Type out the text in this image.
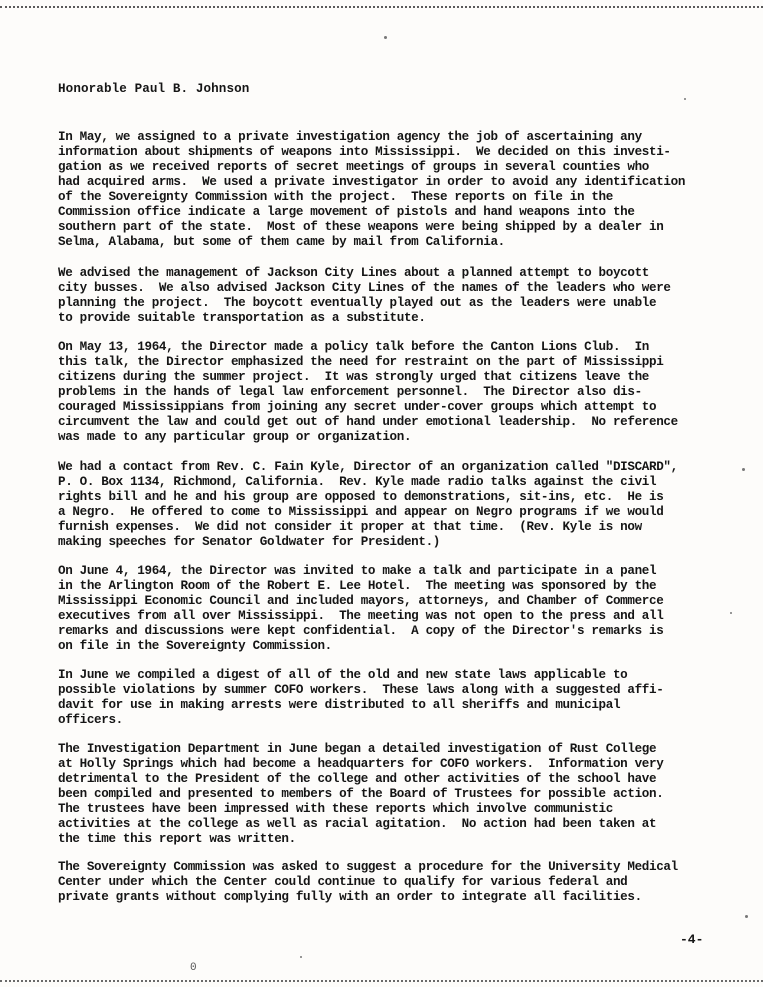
Honorable Paul B. Johnson
In May, we assigned to a private investigation agency the job of ascertaining any
information about shipments of weapons into Mississippi.  We decided on this investi-
gation as we received reports of secret meetings of groups in several counties who
had acquired arms.  We used a private investigator in order to avoid any identification
of the Sovereignty Commission with the project.  These reports on file in the
Commission office indicate a large movement of pistols and hand weapons into the
southern part of the state.  Most of these weapons were being shipped by a dealer in
Selma, Alabama, but some of them came by mail from California.
We advised the management of Jackson City Lines about a planned attempt to boycott
city busses.  We also advised Jackson City Lines of the names of the leaders who were
planning the project.  The boycott eventually played out as the leaders were unable
to provide suitable transportation as a substitute.
On May 13, 1964, the Director made a policy talk before the Canton Lions Club.  In
this talk, the Director emphasized the need for restraint on the part of Mississippi
citizens during the summer project.  It was strongly urged that citizens leave the
problems in the hands of legal law enforcement personnel.  The Director also dis-
couraged Mississippians from joining any secret under-cover groups which attempt to
circumvent the law and could get out of hand under emotional leadership.  No reference
was made to any particular group or organization.
We had a contact from Rev. C. Fain Kyle, Director of an organization called "DISCARD",
P. O. Box 1134, Richmond, California.  Rev. Kyle made radio talks against the civil
rights bill and he and his group are opposed to demonstrations, sit-ins, etc.  He is
a Negro.  He offered to come to Mississippi and appear on Negro programs if we would
furnish expenses.  We did not consider it proper at that time.  (Rev. Kyle is now
making speeches for Senator Goldwater for President.)
On June 4, 1964, the Director was invited to make a talk and participate in a panel
in the Arlington Room of the Robert E. Lee Hotel.  The meeting was sponsored by the
Mississippi Economic Council and included mayors, attorneys, and Chamber of Commerce
executives from all over Mississippi.  The meeting was not open to the press and all
remarks and discussions were kept confidential.  A copy of the Director's remarks is
on file in the Sovereignty Commission.
In June we compiled a digest of all of the old and new state laws applicable to
possible violations by summer COFO workers.  These laws along with a suggested affi-
davit for use in making arrests were distributed to all sheriffs and municipal
officers.
The Investigation Department in June began a detailed investigation of Rust College
at Holly Springs which had become a headquarters for COFO workers.  Information very
detrimental to the President of the college and other activities of the school have
been compiled and presented to members of the Board of Trustees for possible action.
The trustees have been impressed with these reports which involve communistic
activities at the college as well as racial agitation.  No action had been taken at
the time this report was written.
The Sovereignty Commission was asked to suggest a procedure for the University Medical
Center under which the Center could continue to qualify for various federal and
private grants without complying fully with an order to integrate all facilities.
-4-
0
